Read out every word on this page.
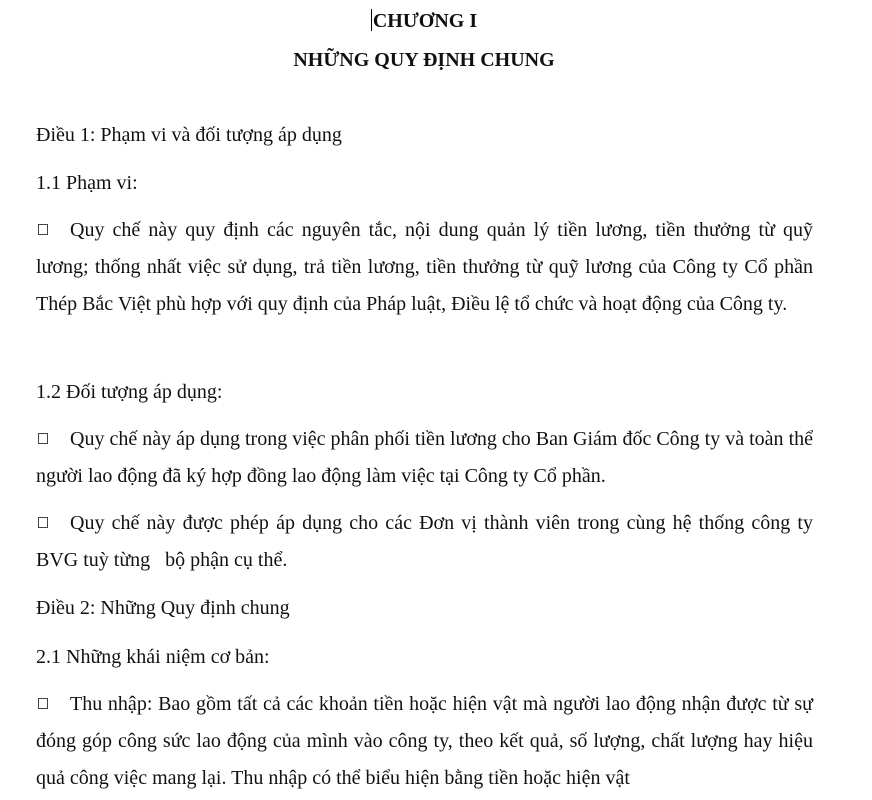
CHƯƠNG I
NHỮNG QUY ĐỊNH CHUNG
Điều 1: Phạm vi và đối tượng áp dụng
1.1 Phạm vi:
Quy chế này quy định các nguyên tắc, nội dung quản lý tiền lương, tiền thưởng từ quỹ lương; thống nhất việc sử dụng, trả tiền lương, tiền thưởng từ quỹ lương của Công ty Cổ phần Thép Bắc Việt phù hợp với quy định của Pháp luật, Điều lệ tổ chức và hoạt động của Công ty.
1.2 Đối tượng áp dụng:
Quy chế này áp dụng trong việc phân phối tiền lương cho Ban Giám đốc Công ty và toàn thể người lao động đã ký hợp đồng lao động làm việc tại Công ty Cổ phần.
Quy chế này được phép áp dụng cho các Đơn vị thành viên trong cùng hệ thống công ty BVG tuỳ từng   bộ phận cụ thể.
Điều 2: Những Quy định chung
2.1 Những khái niệm cơ bản:
Thu nhập: Bao gồm tất cả các khoản tiền hoặc hiện vật mà người lao động nhận được từ sự đóng góp công sức lao động của mình vào công ty, theo kết quả, số lượng, chất lượng hay hiệu quả công việc mang lại. Thu nhập có thể biểu hiện bằng tiền hoặc hiện vật
